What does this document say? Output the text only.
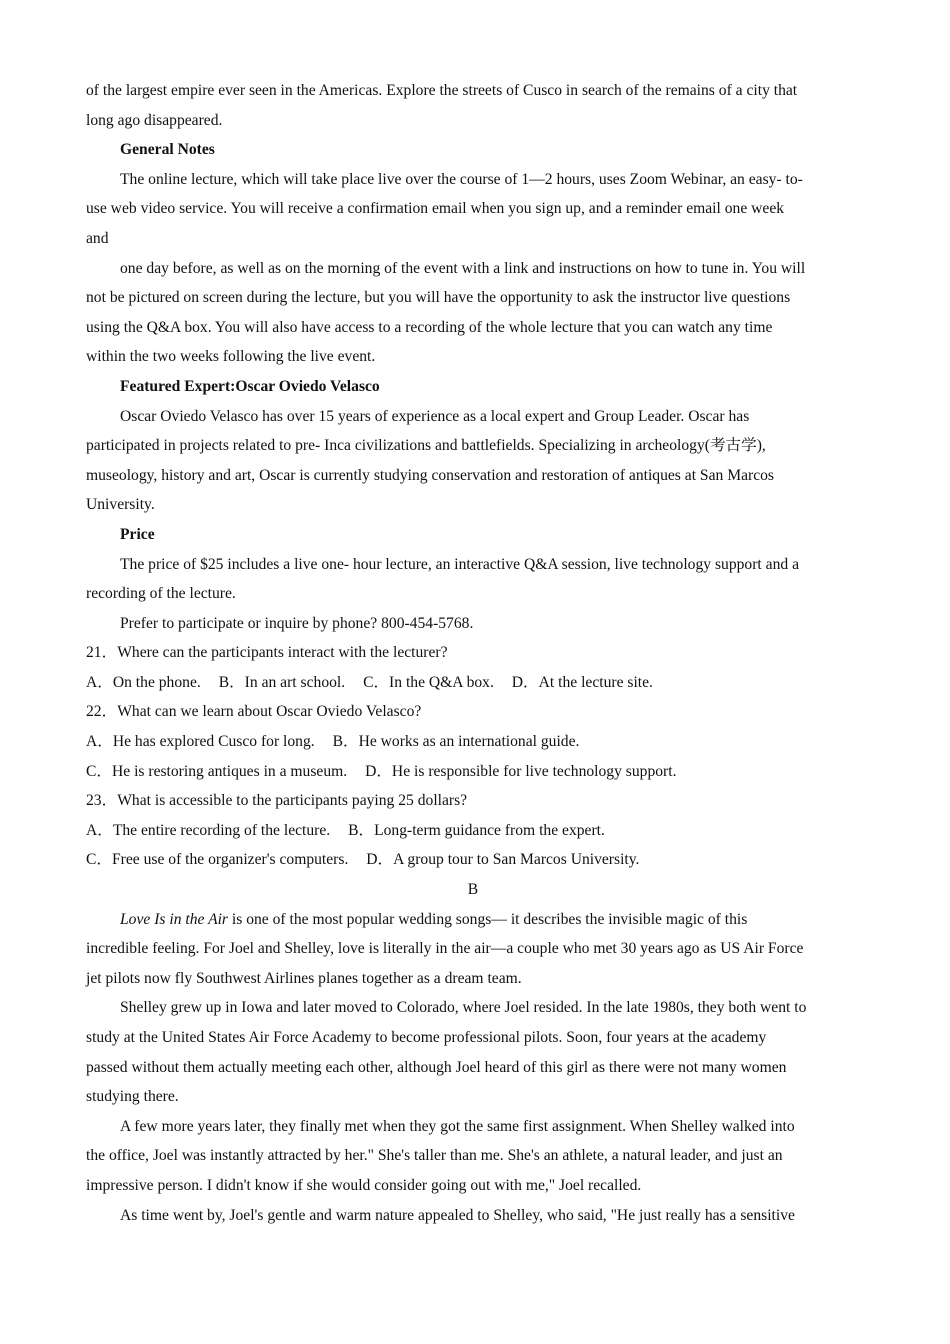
of the largest empire ever seen in the Americas. Explore the streets of Cusco in search of the remains of a city that
long ago disappeared.
General Notes
The online lecture, which will take place live over the course of 1—2 hours, uses Zoom Webinar, an easy- to-
use web video service. You will receive a confirmation email when you sign up, and a reminder email one week
and
one day before, as well as on the morning of the event with a link and instructions on how to tune in. You will
not be pictured on screen during the lecture, but you will have the opportunity to ask the instructor live questions
using the Q&A box. You will also have access to a recording of the whole lecture that you can watch any time
within the two weeks following the live event.
Featured Expert:Oscar Oviedo Velasco
Oscar Oviedo Velasco has over 15 years of experience as a local expert and Group Leader. Oscar has
participated in projects related to pre- Inca civilizations and battlefields. Specializing in archeology(考古学),
museology, history and art, Oscar is currently studying conservation and restoration of antiques at San Marcos
University.
Price
The price of $25 includes a live one- hour lecture, an interactive Q&A session, live technology support and a
recording of the lecture.
Prefer to participate or inquire by phone? 800-454-5768.
21．Where can the participants interact with the lecturer?
A．On the phone. B．In an art school. C．In the Q&A box. D．At the lecture site.
22．What can we learn about Oscar Oviedo Velasco?
A．He has explored Cusco for long. B．He works as an international guide.
C．He is restoring antiques in a museum. D．He is responsible for live technology support.
23．What is accessible to the participants paying 25 dollars?
A．The entire recording of the lecture. B．Long-term guidance from the expert.
C．Free use of the organizer's computers. D．A group tour to San Marcos University.
B
Love Is in the Air is one of the most popular wedding songs— it describes the invisible magic of this
incredible feeling. For Joel and Shelley, love is literally in the air—a couple who met 30 years ago as US Air Force
jet pilots now fly Southwest Airlines planes together as a dream team.
Shelley grew up in Iowa and later moved to Colorado, where Joel resided. In the late 1980s, they both went to
study at the United States Air Force Academy to become professional pilots. Soon, four years at the academy
passed without them actually meeting each other, although Joel heard of this girl as there were not many women
studying there.
A few more years later, they finally met when they got the same first assignment. When Shelley walked into
the office, Joel was instantly attracted by her." She's taller than me. She's an athlete, a natural leader, and just an
impressive person. I didn't know if she would consider going out with me," Joel recalled.
As time went by, Joel's gentle and warm nature appealed to Shelley, who said, "He just really has a sensitive
